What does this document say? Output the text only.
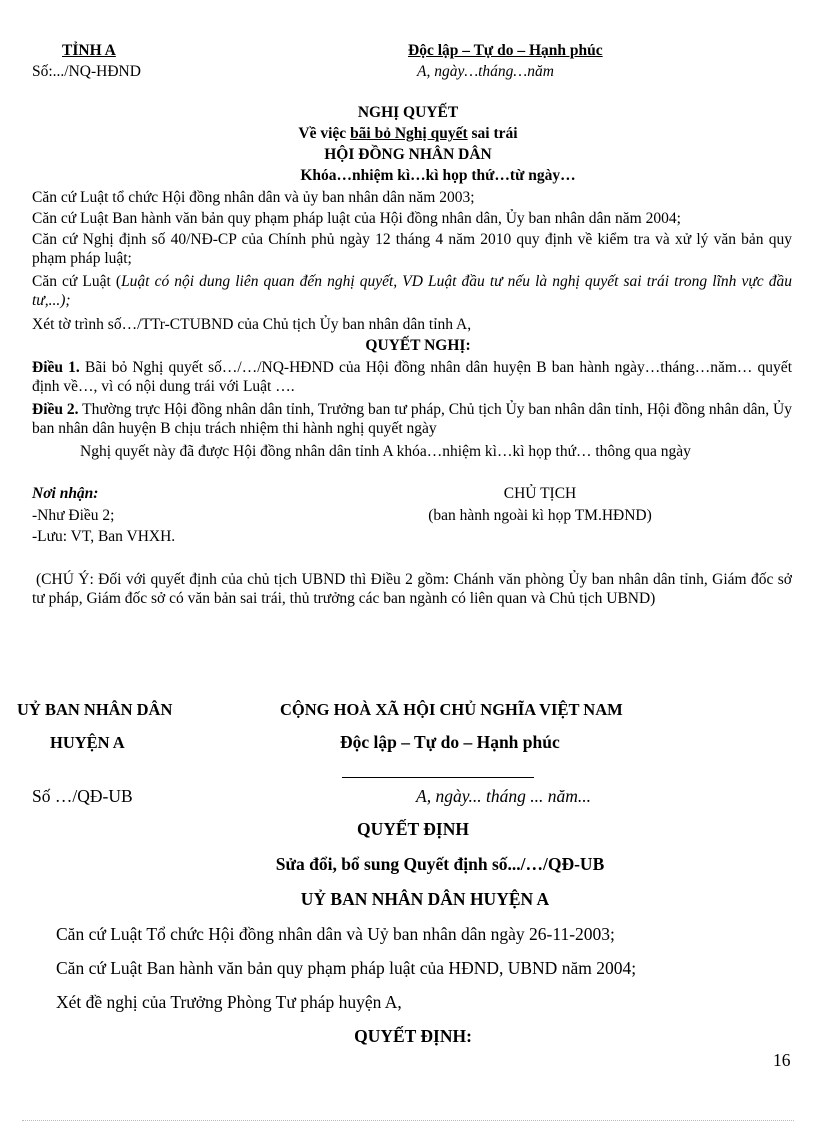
TỈNH A
Số:.../NQ-HĐND
Độc lập – Tự do – Hạnh phúc
A, ngày…tháng…năm
NGHỊ QUYẾT
Về việc bãi bỏ Nghị quyết sai trái
HỘI ĐỒNG NHÂN DÂN
Khóa…nhiệm kì…kì họp thứ…từ ngày…
Căn cứ Luật tổ chức Hội đồng nhân dân và ủy ban nhân dân năm 2003;
Căn cứ Luật Ban hành văn bản quy phạm pháp luật của Hội đồng nhân dân, Ủy ban nhân dân năm 2004;
Căn cứ Nghị định số 40/NĐ-CP của Chính phủ ngày 12 tháng 4 năm 2010 quy định về kiểm tra và xử lý văn bản quy phạm pháp luật;
Căn cứ Luật (Luật có nội dung liên quan đến nghị quyết, VD Luật đầu tư nếu là nghị quyết sai trái trong lĩnh vực đầu tư,...);
Xét tờ trình số…/TTr-CTUBND của Chủ tịch Ủy ban nhân dân tỉnh A,
QUYẾT NGHỊ:
Điều 1. Bãi bỏ Nghị quyết số…/…/NQ-HĐND của Hội đồng nhân dân huyện B ban hành ngày…tháng…năm… quyết định về…, vì có nội dung trái với Luật ….
Điều 2. Thường trực Hội đồng nhân dân tỉnh, Trưởng ban tư pháp, Chủ tịch Ủy ban nhân dân tỉnh, Hội đồng nhân dân, Ủy ban nhân dân huyện B chịu trách nhiệm thi hành nghị quyết ngày
Nghị quyết này đã được Hội đồng nhân dân tỉnh A khóa…nhiệm kì…kì họp thứ… thông qua ngày
Nơi nhận:
-Như Điều 2;
-Lưu: VT, Ban VHXH.
CHỦ TỊCH
(ban hành ngoài kì họp TM.HĐND)
(CHÚ Ý: Đối với quyết định của chủ tịch UBND thì Điều 2 gồm: Chánh văn phòng Ủy ban nhân dân tỉnh, Giám đốc sở tư pháp, Giám đốc sở có văn bản sai trái, thủ trưởng các ban ngành có liên quan và Chủ tịch UBND)
UỶ BAN NHÂN DÂN
HUYỆN A
CỘNG HOÀ XÃ HỘI CHỦ NGHĨA VIỆT NAM
Độc lập – Tự do – Hạnh phúc
Số …/QĐ-UB	A, ngày... tháng ... năm...
QUYẾT ĐỊNH
Sửa đổi, bổ sung Quyết định số.../…/QĐ-UB
UỶ BAN NHÂN DÂN HUYỆN A
Căn cứ Luật Tổ chức Hội đồng nhân dân và Uỷ ban nhân dân ngày 26-11-2003;
Căn cứ Luật Ban hành văn bản quy phạm pháp luật của HĐND, UBND năm 2004;
Xét đề nghị của Trưởng Phòng Tư pháp huyện A,
QUYẾT ĐỊNH:
16
